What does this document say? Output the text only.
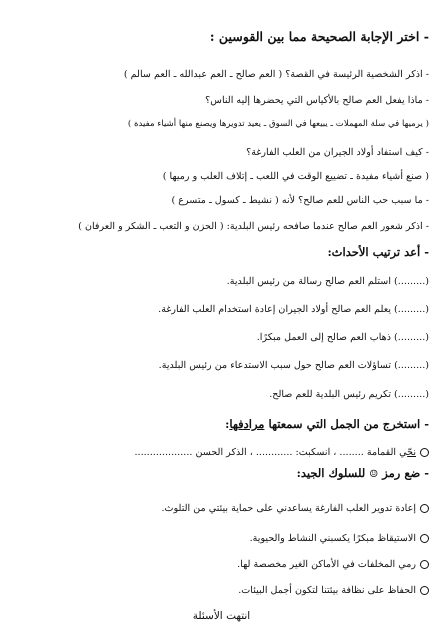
- اختر الإجابة الصحيحة مما بين القوسين :
- اذكر الشخصية الرئيسة في القصة؟ ( العم صالح ـ العم عبدالله ـ العم سالم )
- ماذا يفعل العم صالح بالأكياس التي يحضرها إليه الناس؟
( يرميها في سلة المهملات ـ يبيعها في السوق ـ يعيد تدويرها ويصنع منها أشياء مفيدة )
- كيف استفاد أولاد الجيران من العلب الفارغة؟
( صنع أشياء مفيدة ـ تضييع الوقت في اللعب ـ إتلاف العلب و رميها )
- ما سبب حب الناس للعم صالح؟ لأنه ( نشيط ـ كسول ـ متسرع )
- اذكر شعور العم صالح عندما صافحه رئيس البلدية: ( الحزن و التعب ـ الشكر و العرفان )
- أعد ترتيب الأحداث:
(.........) استلم العم صالح رسالة من رئيس البلدية.
(.........) يعلم العم صالح أولاد الجيران إعادة استخدام العلب الفارغة.
(.........) ذهاب العم صالح إلى العمل مبكرًا.
(.........) تساؤلات العم صالح حول سبب الاستدعاء من رئيس البلدية.
(.........) تكريم رئيس البلدية للعم صالح.
- استخرج من الجمل التي سمعتها مرادفها:
نحّي القمامة ........ ، انسكبت: ............ ، الذكر الحسن ...................
- ضع رمز ☺ للسلوك الجيد:
إعادة تدوير العلب الفارغة يساعدني على حماية بيئتي من التلوث.
الاستيقاظ مبكرًا يكسبني النشاط والحيوية.
رمي المخلفات في الأماكن الغير مخصصة لها.
الحفاظ على نظافة بيئتنا لتكون أجمل البيئات.
انتهت الأسئلة
